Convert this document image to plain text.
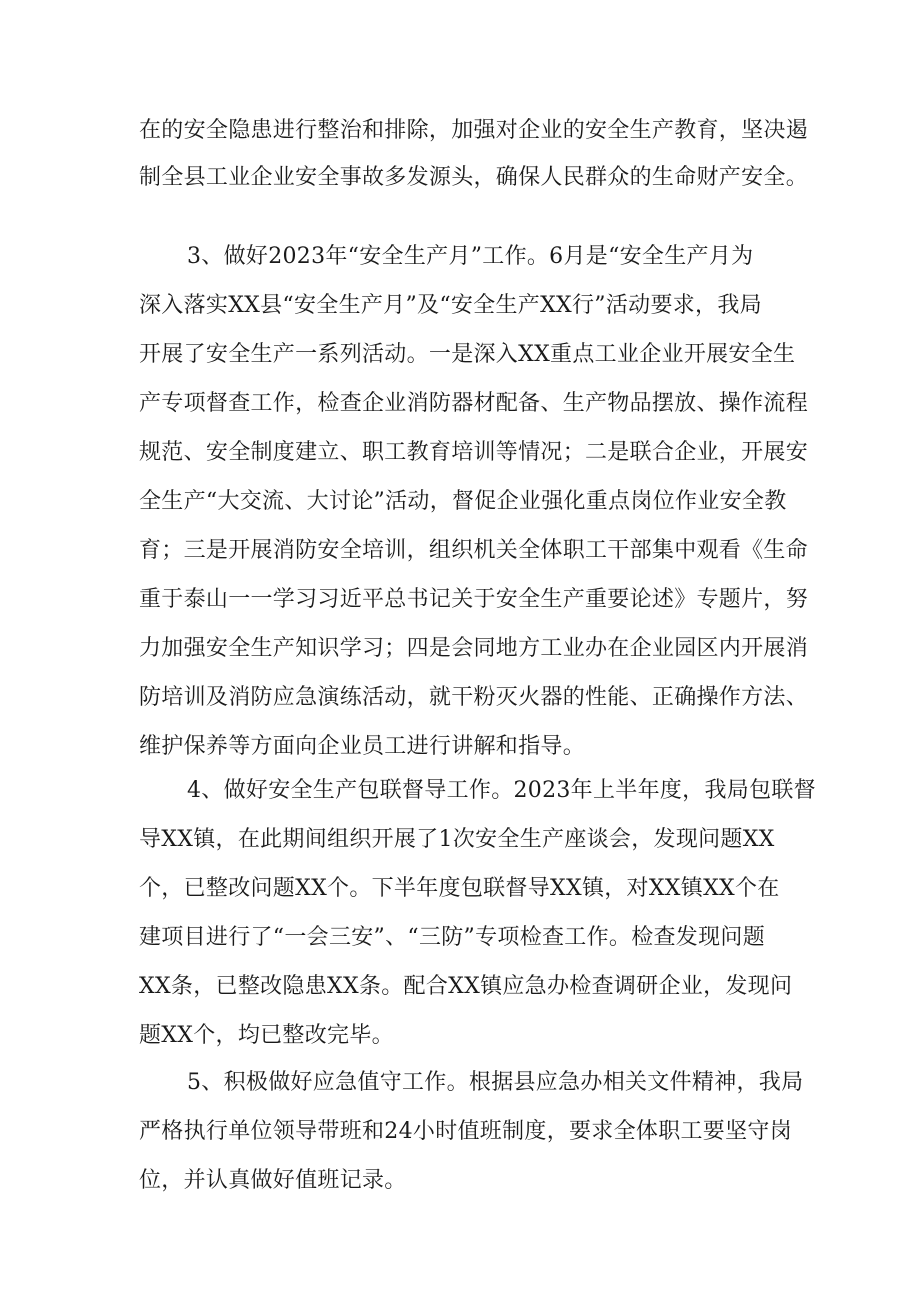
在的安全隐患进行整治和排除，加强对企业的安全生产教育，坚决遏
制全县工业企业安全事故多发源头，确保人民群众的生命财产安全。
3、做好2023年“安全生产月”工作。6月是“安全生产月为
深入落实XX县“安全生产月”及“安全生产XX行”活动要求，我局
开展了安全生产一系列活动。一是深入XX重点工业企业开展安全生
产专项督查工作，检查企业消防器材配备、生产物品摆放、操作流程
规范、安全制度建立、职工教育培训等情况；二是联合企业，开展安
全生产“大交流、大讨论”活动，督促企业强化重点岗位作业安全教
育；三是开展消防安全培训，组织机关全体职工干部集中观看《生命
重于泰山一一学习习近平总书记关于安全生产重要论述》专题片，努
力加强安全生产知识学习；四是会同地方工业办在企业园区内开展消
防培训及消防应急演练活动，就干粉灭火器的性能、正确操作方法、
维护保养等方面向企业员工进行讲解和指导。
4、做好安全生产包联督导工作。2023年上半年度，我局包联督
导XX镇，在此期间组织开展了1次安全生产座谈会，发现问题XX
个，已整改问题XX个。下半年度包联督导XX镇，对XX镇XX个在
建项目进行了“一会三安”、“三防”专项检查工作。检查发现问题
XX条，已整改隐患XX条。配合XX镇应急办检查调研企业，发现问
题XX个，均已整改完毕。
5、积极做好应急值守工作。根据县应急办相关文件精神，我局
严格执行单位领导带班和24小时值班制度，要求全体职工要坚守岗
位，并认真做好值班记录。
